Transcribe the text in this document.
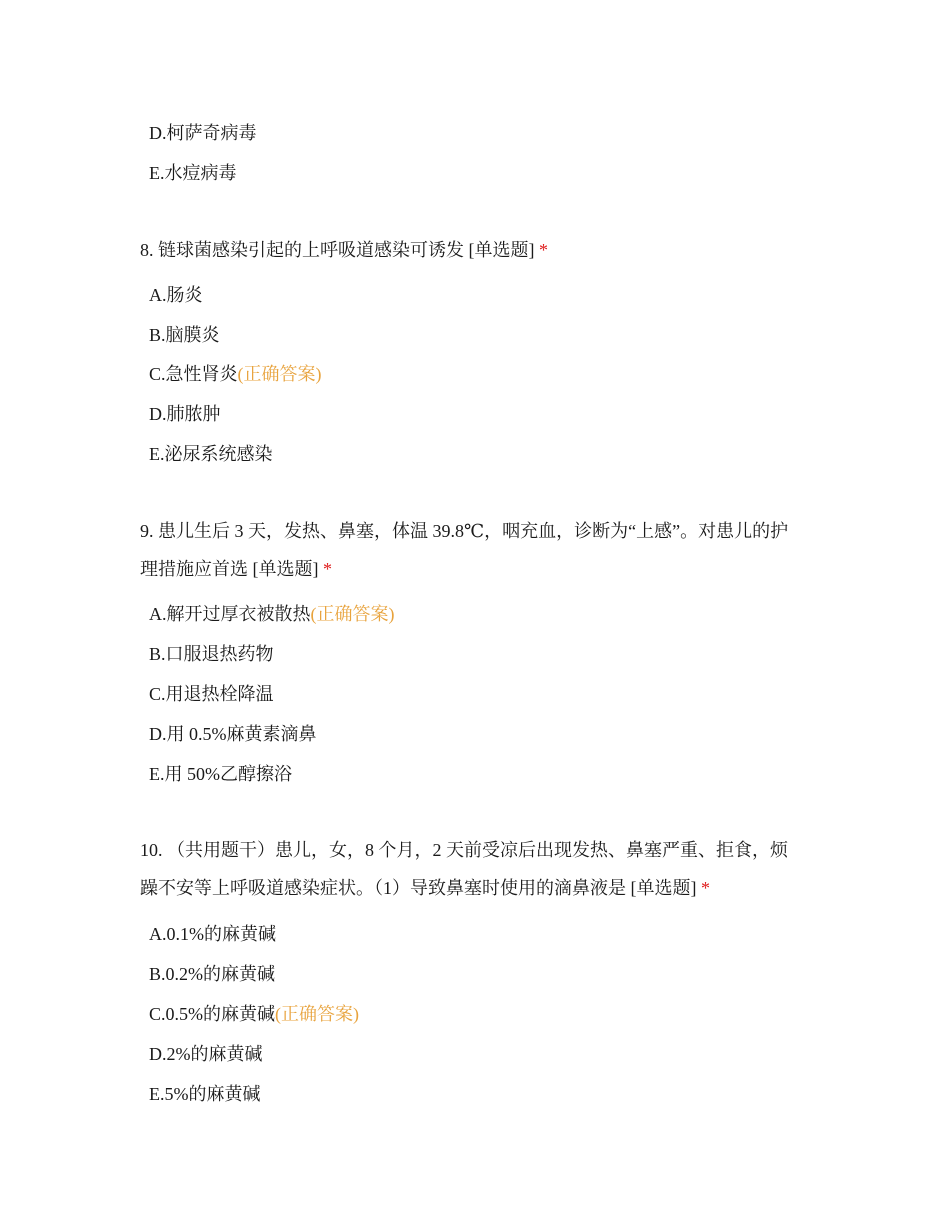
D.柯萨奇病毒
E.水痘病毒
8. 链球菌感染引起的上呼吸道感染可诱发 [单选题] *
A.肠炎
B.脑膜炎
C.急性肾炎(正确答案)
D.肺脓肿
E.泌尿系统感染
9. 患儿生后 3 天，发热、鼻塞，体温 39.8℃，咽充血，诊断为“上感”。对患儿的护
理措施应首选 [单选题] *
A.解开过厚衣被散热(正确答案)
B.口服退热药物
C.用退热栓降温
D.用 0.5%麻黄素滴鼻
E.用 50%乙醇擦浴
10. （共用题干）患儿，女，8 个月，2 天前受凉后出现发热、鼻塞严重、拒食，烦
躁不安等上呼吸道感染症状。（1）导致鼻塞时使用的滴鼻液是 [单选题] *
A.0.1%的麻黄碱
B.0.2%的麻黄碱
C.0.5%的麻黄碱(正确答案)
D.2%的麻黄碱
E.5%的麻黄碱
